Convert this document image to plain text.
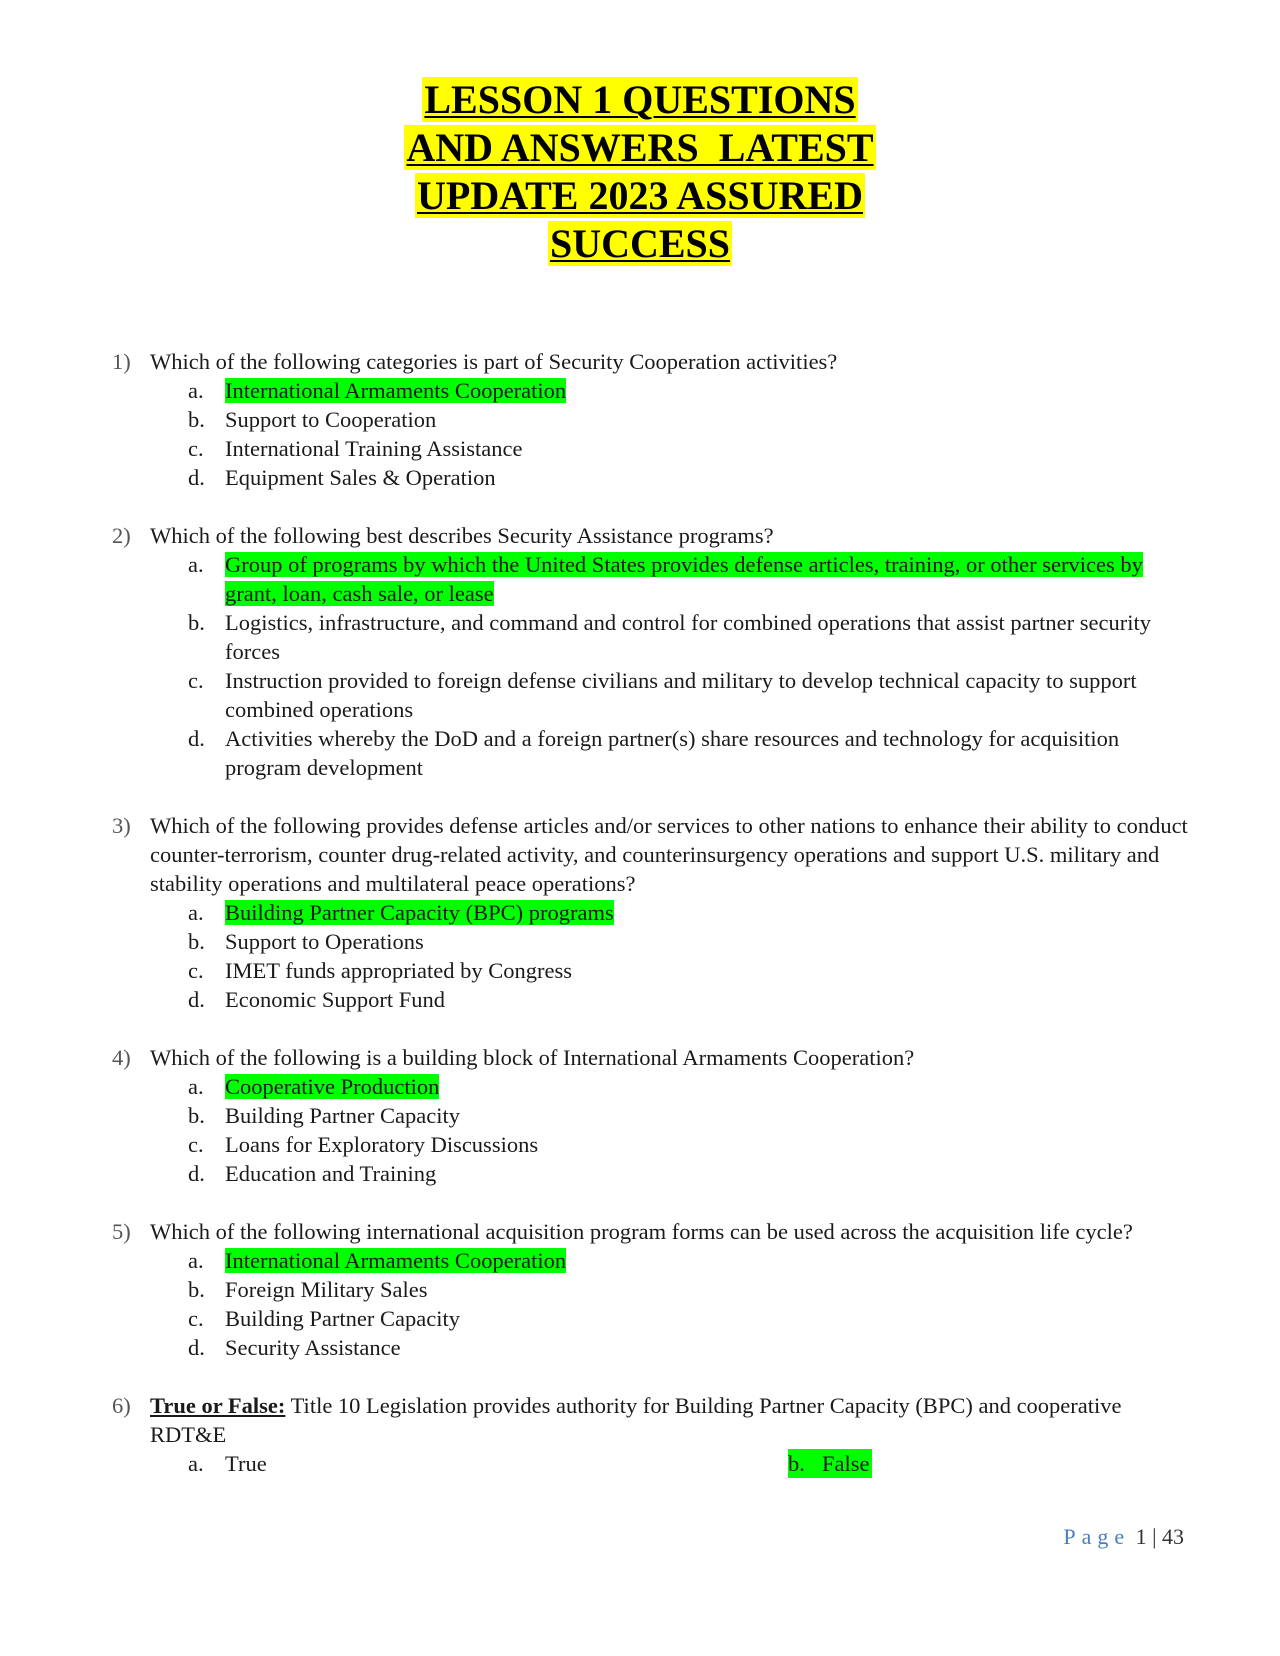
LESSON 1 QUESTIONS
AND ANSWERS  LATEST
UPDATE 2023 ASSURED
SUCCESS
1) Which of the following categories is part of Security Cooperation activities?
a. International Armaments Cooperation
b. Support to Cooperation
c. International Training Assistance
d. Equipment Sales & Operation
2) Which of the following best describes Security Assistance programs?
a. Group of programs by which the United States provides defense articles, training, or other services by grant, loan, cash sale, or lease
b. Logistics, infrastructure, and command and control for combined operations that assist partner security forces
c. Instruction provided to foreign defense civilians and military to develop technical capacity to support combined operations
d. Activities whereby the DoD and a foreign partner(s) share resources and technology for acquisition program development
3) Which of the following provides defense articles and/or services to other nations to enhance their ability to conduct counter-terrorism, counter drug-related activity, and counterinsurgency operations and support U.S. military and stability operations and multilateral peace operations?
a. Building Partner Capacity (BPC) programs
b. Support to Operations
c. IMET funds appropriated by Congress
d. Economic Support Fund
4) Which of the following is a building block of International Armaments Cooperation?
a. Cooperative Production
b. Building Partner Capacity
c. Loans for Exploratory Discussions
d. Education and Training
5) Which of the following international acquisition program forms can be used across the acquisition life cycle?
a. International Armaments Cooperation
b. Foreign Military Sales
c. Building Partner Capacity
d. Security Assistance
6) True or False: Title 10 Legislation provides authority for Building Partner Capacity (BPC) and cooperative RDT&E
a. True	b. False
Page 1 | 43
